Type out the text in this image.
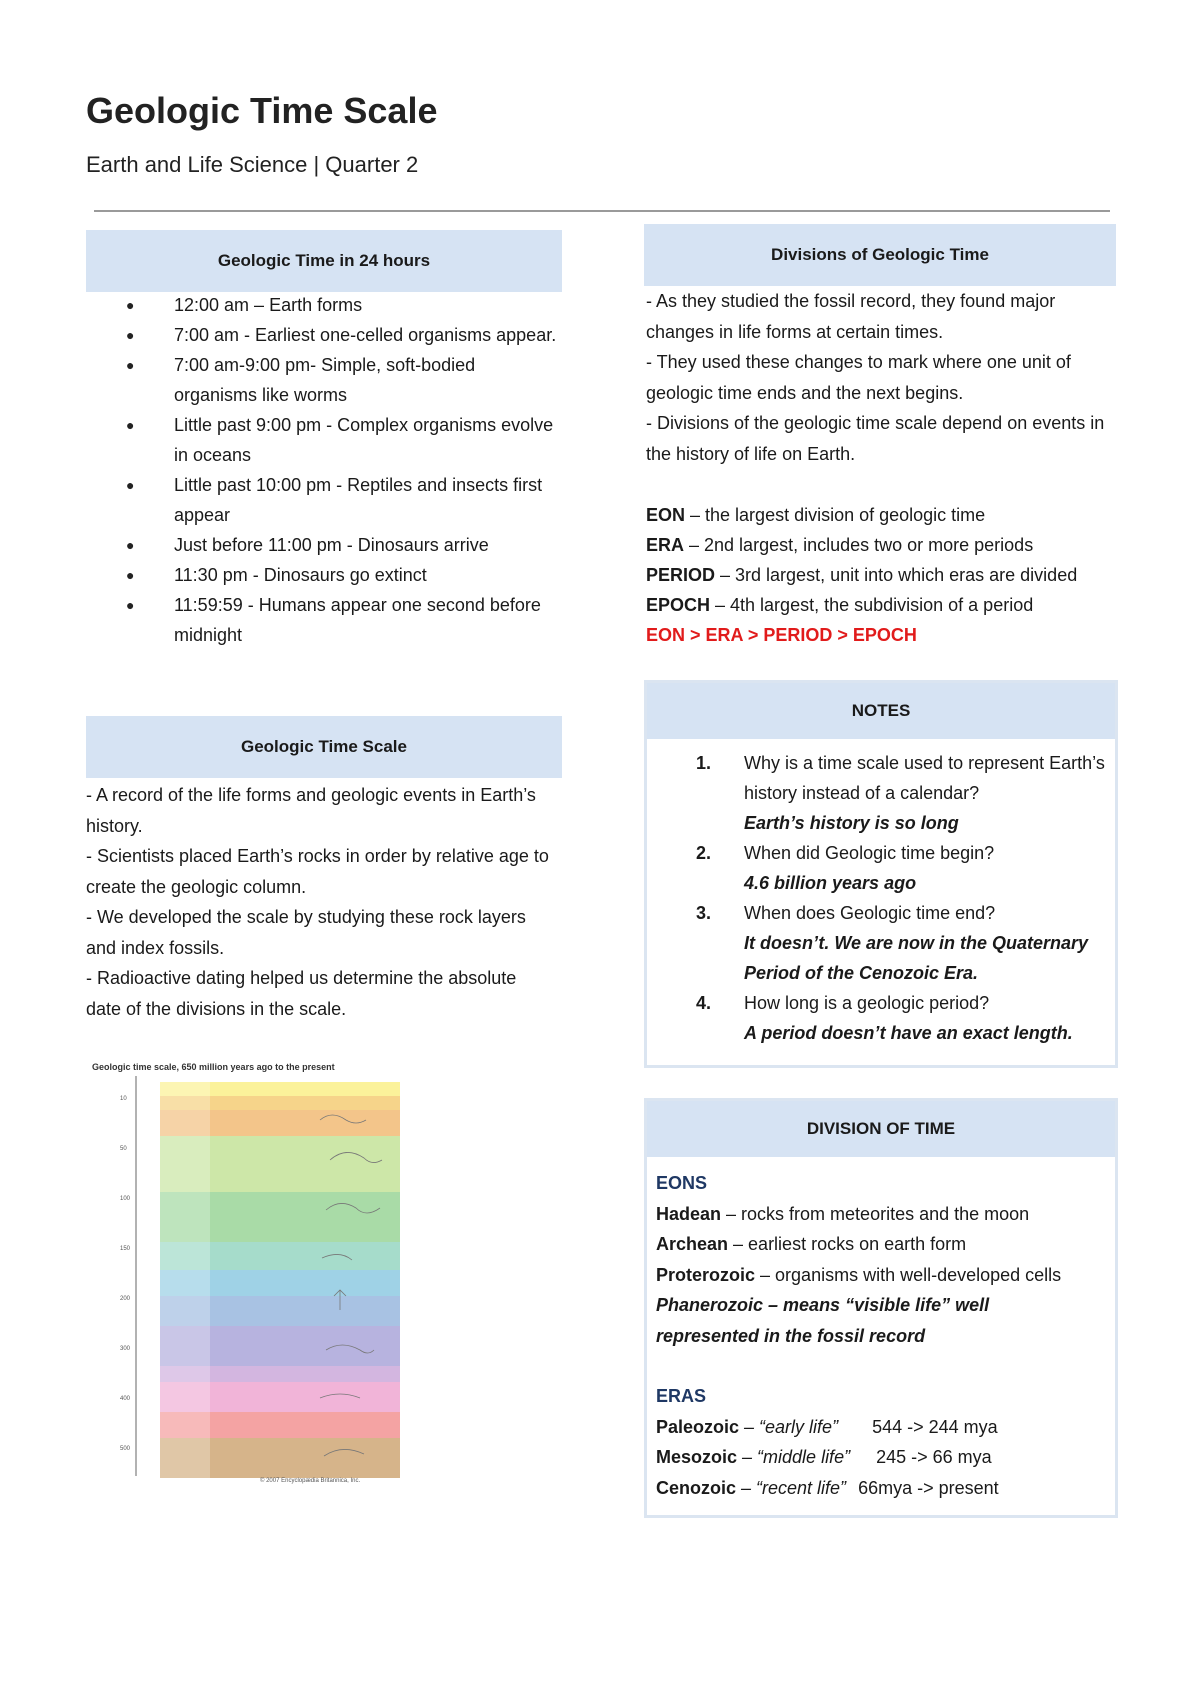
Geologic Time Scale
Earth and Life Science | Quarter 2
Geologic Time in 24 hours
● 12:00 am – Earth forms
● 7:00 am - Earliest one-celled organisms appear.
● 7:00 am-9:00 pm- Simple, soft-bodied organisms like worms
● Little past 9:00 pm - Complex organisms evolve in oceans
● Little past 10:00 pm - Reptiles and insects first appear
● Just before 11:00 pm - Dinosaurs arrive
● 11:30 pm - Dinosaurs go extinct
● 11:59:59 - Humans appear one second before midnight
Geologic Time Scale
- A record of the life forms and geologic events in Earth’s history.
- Scientists placed Earth’s rocks in order by relative age to create the geologic column.
- We developed the scale by studying these rock layers and index fossils.
- Radioactive dating helped us determine the absolute date of the divisions in the scale.
Geologic time scale, 650 million years ago to the present
10
50
100
150
200
300
400
500
© 2007 Encyclopædia Britannica, Inc.
Divisions of Geologic Time
- As they studied the fossil record, they found major changes in life forms at certain times.
- They used these changes to mark where one unit of geologic time ends and the next begins.
- Divisions of the geologic time scale depend on events in the history of life on Earth.
EON – the largest division of geologic time
ERA – 2nd largest, includes two or more periods
PERIOD – 3rd largest, unit into which eras are divided
EPOCH – 4th largest, the subdivision of a period
EON > ERA > PERIOD > EPOCH
NOTES
1. Why is a time scale used to represent Earth’s history instead of a calendar?
Earth’s history is so long
2. When did Geologic time begin?
4.6 billion years ago
3. When does Geologic time end?
It doesn’t. We are now in the Quaternary Period of the Cenozoic Era.
4. How long is a geologic period?
A period doesn’t have an exact length.
DIVISION OF TIME
EONS
Hadean – rocks from meteorites and the moon
Archean – earliest rocks on earth form
Proterozoic – organisms with well-developed cells
Phanerozoic – means “visible life” well
represented in the fossil record
ERAS
Paleozoic – “early life” 544 -> 244 mya
Mesozoic – “middle life” 245 -> 66 mya
Cenozoic – “recent life” 66mya -> present
